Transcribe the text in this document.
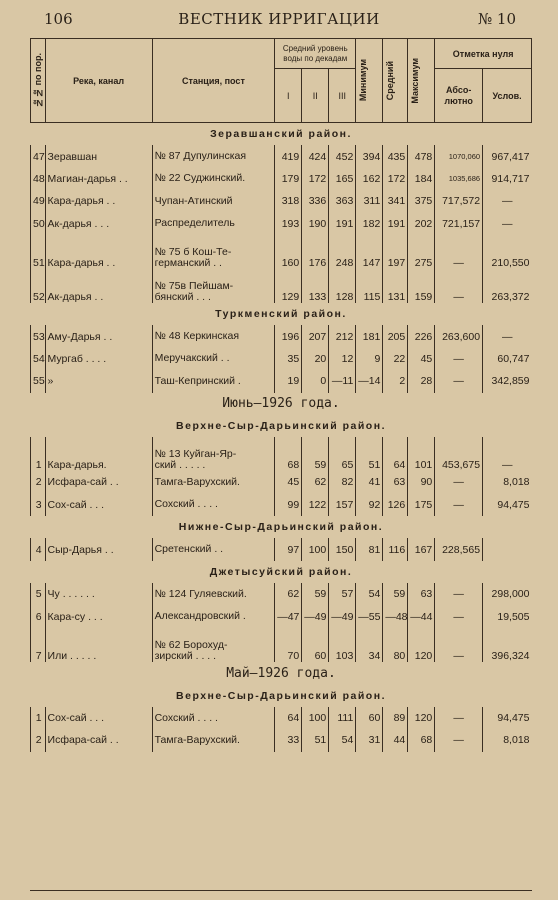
106	ВЕСТНИК ИРРИГАЦИИ	№ 10
№№ по пор.	Река, канал	Станция, пост	Средний уровень воды по декадам			Минимум	Средний	Максимум	Отметка нуля	
			I	II	III				Абсо-лютно	Услов.
Зеравшанский район.										
47	Зеравшан	№ 87 Дупулинская	419	424	452	394	435	478	1070,060	967,417
48	Магиан-дарья . .	№ 22 Суджинский.	179	172	165	162	172	184	1035,686	914,717
49	Кара-дарья . .	Чупан-Атинский	318	336	363	311	341	375	717,572	—
50	Ак-дарья . . .	Распределитель	193	190	191	182	191	202	721,157	—
51	Кара-дарья . .	№ 75 б Кош-Те-
германский . .	160	176	248	147	197	275	—	210,550
52	Ак-дарья . .	№ 75в Пейшам-
бянский . . .	129	133	128	115	131	159	—	263,372
Туркменский район.										
53	Аму-Дарья . .	№ 48 Керкинская	196	207	212	181	205	226	263,600	—
54	Мургаб . . . .	Меручакский . .	35	20	12	9	22	45	—	60,747
55	»	Таш-Кепринский .	19	0	—11	—14	2	28	—	342,859
Июнь—1926 года.										
Верхне-Сыр-Дарьинский район.										
1	Кара-дарья.	№ 13 Куйган-Яр-
ский . . . . .	68	59	65	51	64	101	453,675	—
2	Исфара-сай . .	Тамга-Варухский.	45	62	82	41	63	90	—	8,018
3	Сох-сай . . .	Сохский . . . .	99	122	157	92	126	175	—	94,475
Нижне-Сыр-Дарьинский район.										
4	Сыр-Дарья . .	Сретенский . .	97	100	150	81	116	167	228,565	
Джетысуйский район.										
5	Чу . . . . . .	№ 124 Гуляевский.	62	59	57	54	59	63	—	298,000
6	Кара-су . . .	Александровский .	—47	—49	—49	—55	—48	—44	—	19,505
7	Или . . . . .	№ 62 Борохуд-
зирский . . . .	70	60	103	34	80	120	—	396,324
Май—1926 года.										
Верхне-Сыр-Дарьинский район.										
1	Сох-сай . . .	Сохский . . . .	64	100	111	60	89	120	—	94,475
2	Исфара-сай . .	Тамга-Варухский.	33	51	54	31	44	68	—	8,018
